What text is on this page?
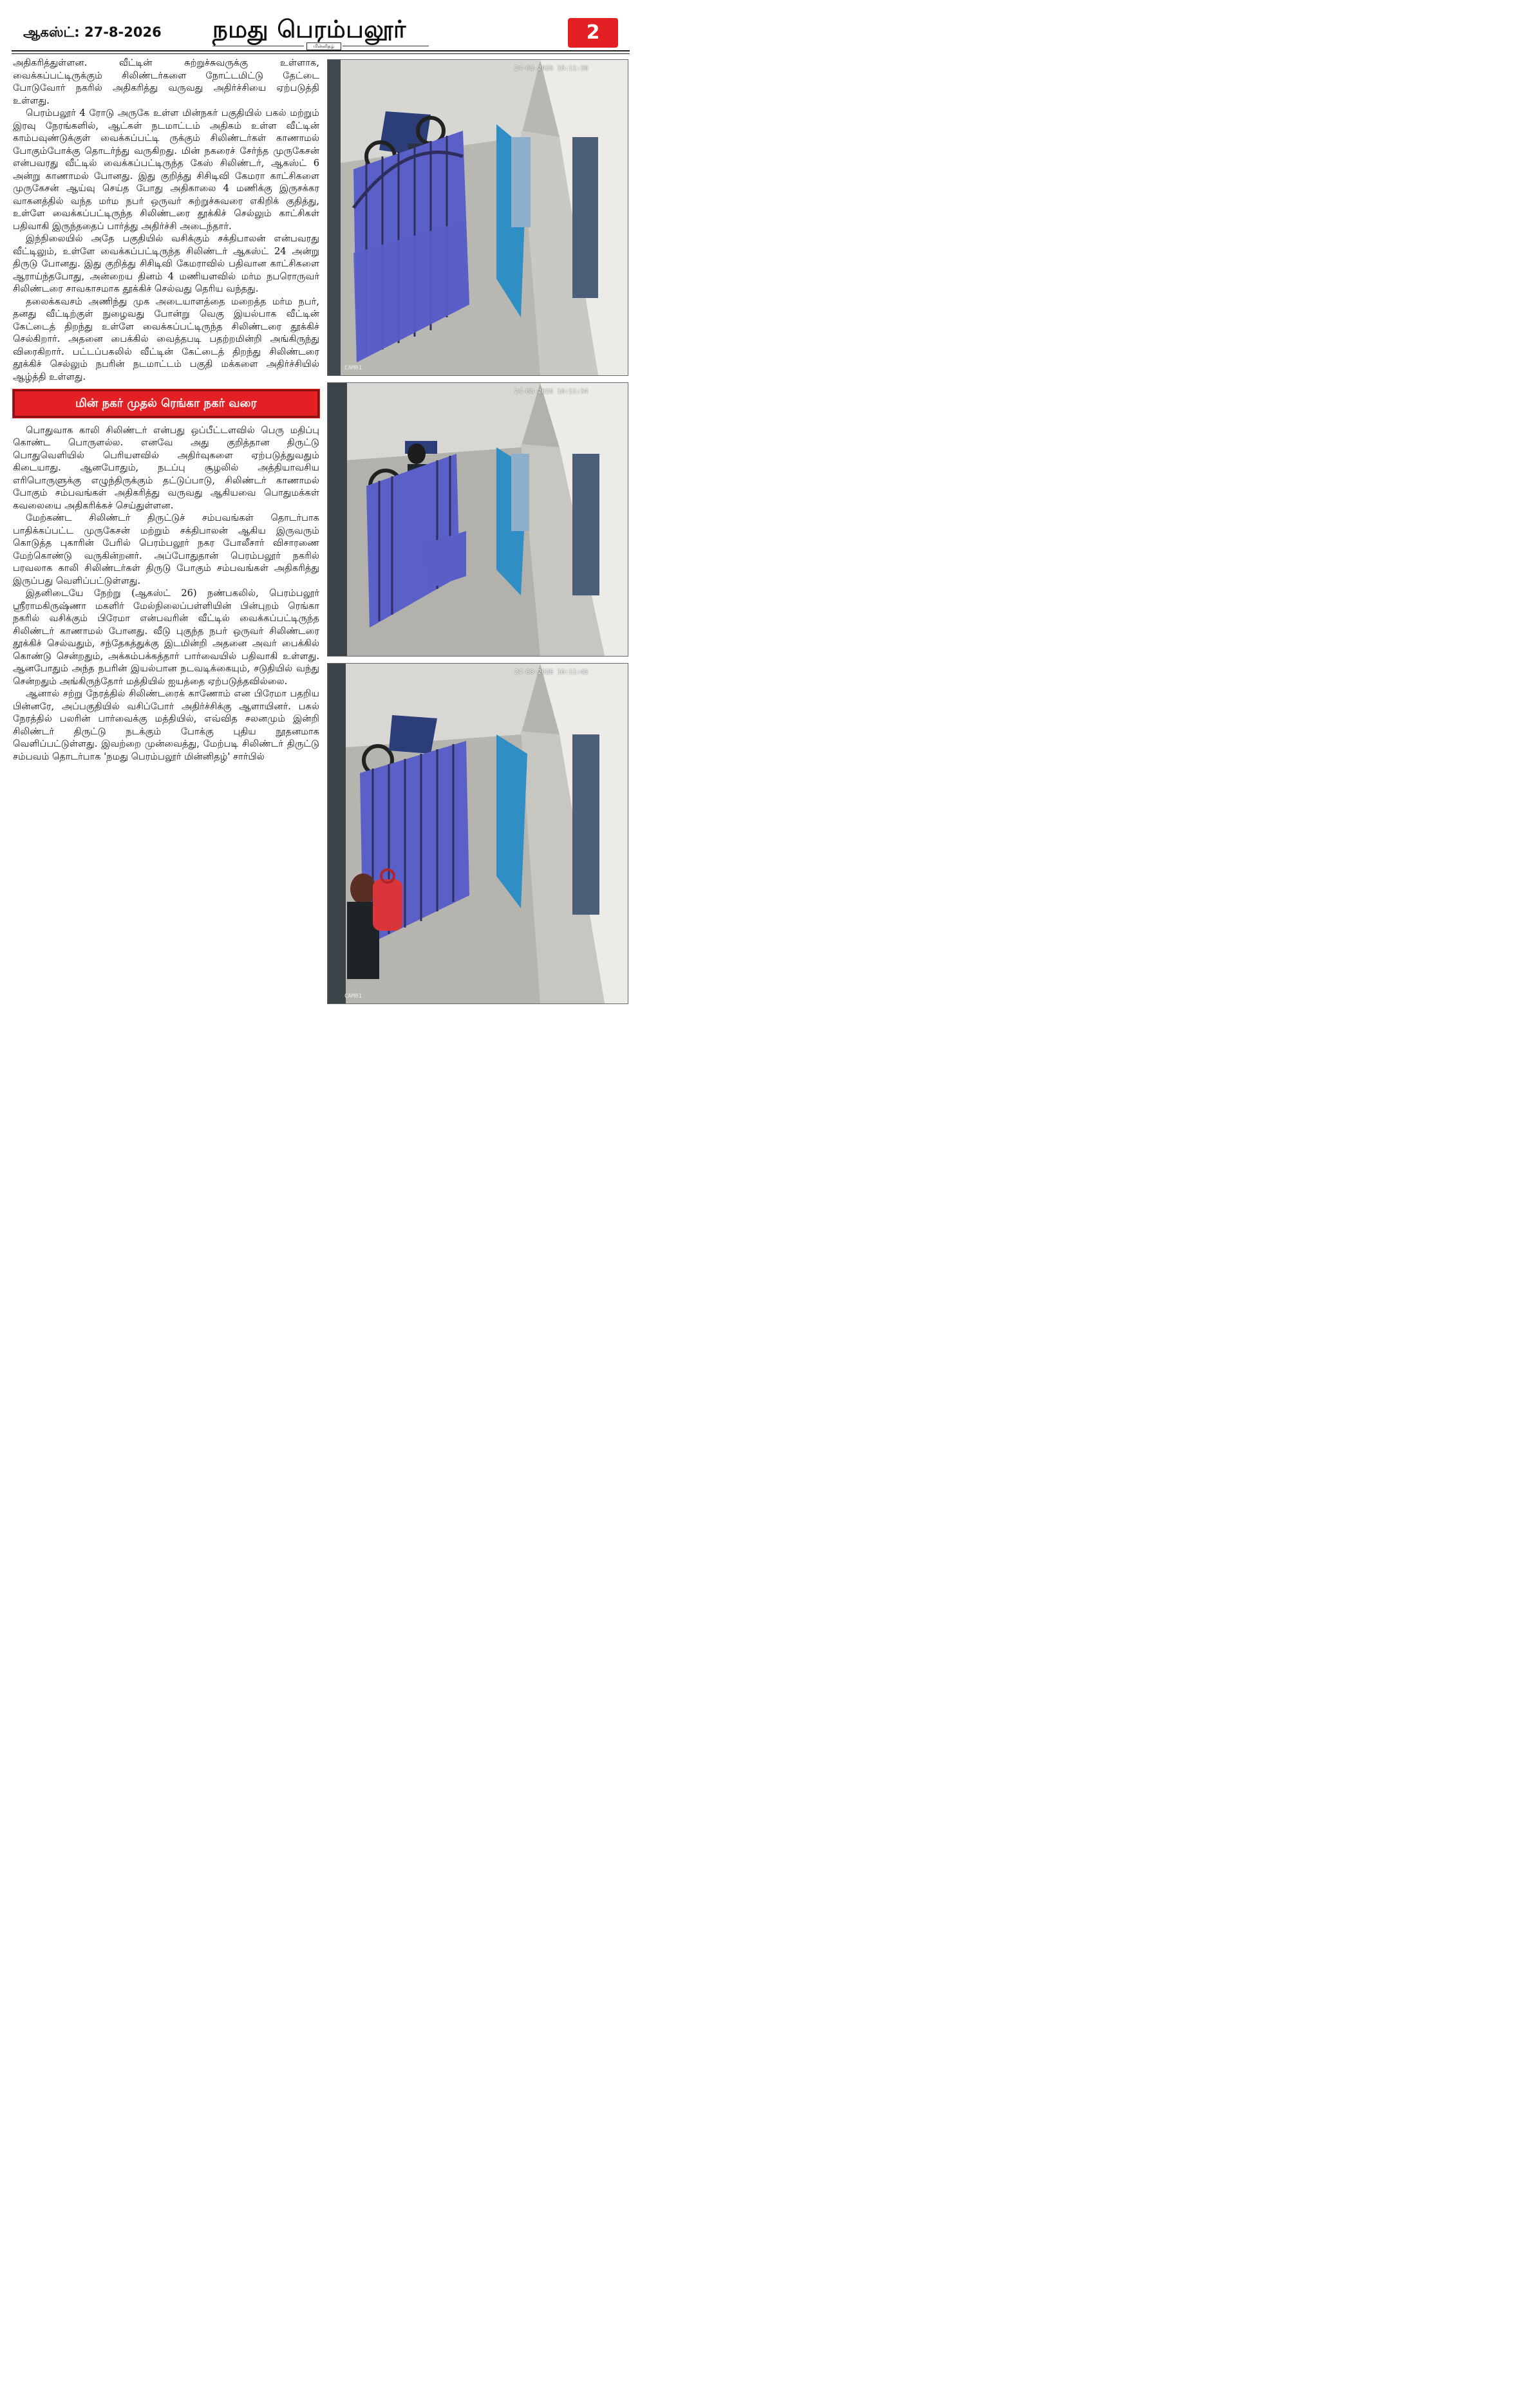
ஆகஸ்ட்: 27-8-2026 நமது பெரம்பலூர்
மின்னிதழ்
2

அதிகரித்துள்ளன. வீட்டின் சுற்றுச்சுவருக்கு உள்ளாக, வைக்கப்பட்டிருக்கும் சிலிண்டர்களை நோட்டமிட்டு தேட்டை போடுவோர் நகரில் அதிகரித்து வருவது அதிர்ச்சியை ஏற்படுத்தி உள்ளது.

பெரம்பலூர் 4 ரோடு அருகே உள்ள மின்நகர் பகுதியில் பகல் மற்றும் இரவு நேரங்களில், ஆட்கள் நடமாட்டம் அதிகம் உள்ள வீட்டின் காம்பவுண்டுக்குள் வைக்கப்பட்டி ருக்கும் சிலிண்டர்கள் காணாமல் போகும்போக்கு தொடர்ந்து வருகிறது. மின் நகரைச் சேர்ந்த முருகேசன் என்பவரது வீட்டில் வைக்கப்பட்டிருந்த கேஸ் சிலிண்டர், ஆகஸ்ட் 6 அன்று காணாமல் போனது. இது குறித்து சிசிடிவி கேமரா காட்சிகளை முருகேசன் ஆய்வு செய்த போது அதிகாலை 4 மணிக்கு இருசக்கர வாகனத்தில் வந்த மர்ம நபர் ஒருவர் சுற்றுச்சுவரை எகிறிக் குதித்து, உள்ளே வைக்கப்பட்டிருந்த சிலிண்டரை தூக்கிச் செல்லும் காட்சிகள் பதிவாகி இருந்ததைப் பார்த்து அதிர்ச்சி அடைந்தார்.

இந்நிலையில் அதே பகுதியில் வசிக்கும் சக்திபாலன் என்பவரது வீட்டிலும், உள்ளே வைக்கப்பட்டிருந்த சிலிண்டர் ஆகஸ்ட் 24 அன்று திருடு போனது. இது குறித்து சிசிடிவி கேமராவில் பதிவான காட்சிகளை ஆராய்ந்தபோது, அன்றைய தினம் 4 மணியளவில் மர்ம நபரொருவர் சிலிண்டரை சாவகாசமாக தூக்கிச் செல்வது தெரிய வந்தது.

தலைக்கவசம் அணிந்து முக அடையாளத்தை மறைத்த மர்ம நபர், தனது வீட்டிற்குள் நுழைவது போன்று வெகு இயல்பாக வீட்டின் கேட்டைத் திறந்து உள்ளே வைக்கப்பட்டிருந்த சிலிண்டரை தூக்கிச் செல்கிறார். அதனை பைக்கில் வைத்தபடி பதற்றமின்றி அங்கிருந்து விரைகிறார். பட்டப்பகலில் வீட்டின் கேட்டைத் திறந்து சிலிண்டரை தூக்கிச் செல்லும் நபரின் நடமாட்டம் பகுதி மக்களை அதிர்ச்சியில் ஆழ்த்தி உள்ளது.

மின் நகர் முதல் ரெங்கா நகர் வரை

பொதுவாக காலி சிலிண்டர் என்பது ஒப்பீட்டளவில் பெரு மதிப்பு கொண்ட பொருளல்ல. எனவே அது குறித்தான திருட்டு பொதுவெளியில் பெரியளவில் அதிர்வுகளை ஏற்படுத்துவதும் கிடையாது. ஆனபோதும், நடப்பு சூழலில் அத்தியாவசிய எரிபொருளுக்கு எழுந்திருக்கும் தட்டுப்பாடு, சிலிண்டர் காணாமல் போகும் சம்பவங்கள் அதிகரித்து வருவது ஆகியவை பொதுமக்கள் கவலையை அதிகரிக்கச் செய்துள்ளன.

மேற்கண்ட சிலிண்டர் திருட்டுச் சம்பவங்கள் தொடர்பாக பாதிக்கப்பட்ட முருகேசன் மற்றும் சக்திபாலன் ஆகிய இருவரும் கொடுத்த புகாரின் பேரில் பெரம்பலூர் நகர போலீசார் விசாரணை மேற்கொண்டு வருகின்றனர். அப்போதுதான் பெரம்பலூர் நகரில் பரவலாக காலி சிலிண்டர்கள் திருடு போகும் சம்பவங்கள் அதிகரித்து இருப்பது வெளிப்பட்டுள்ளது.

இதனிடையே நேற்று (ஆகஸ்ட் 26) நண்பகலில், பெரம்பலூர் ஸ்ரீராமகிருஷ்ணா மகளிர் மேல்நிலைப்பள்ளியின் பின்புறம் ரெங்கா நகரில் வசிக்கும் பிரேமா என்பவரின் வீட்டில் வைக்கப்பட்டிருந்த சிலிண்டர் காணாமல் போனது. வீடு புகுந்த நபர் ஒருவர் சிலிண்டரை தூக்கிச் செல்வதும், சந்தேகத்துக்கு இடமின்றி அதனை அவர் பைக்கில் கொண்டு சென்றதும், அக்கம்பக்கத்தார் பார்வையில் பதிவாகி உள்ளது. ஆனபோதும் அந்த நபரின் இயல்பான நடவடிக்கையும், சடுதியில் வந்து சென்றதும் அங்கிருந்தோர் மத்தியில் ஐயத்தை ஏற்படுத்தவில்லை.

ஆனால் சற்று நேரத்தில் சிலிண்டரைக் காணோம் என பிரேமா பதறிய பின்னரே, அப்பகுதியில் வசிப்போர் அதிர்ச்சிக்கு ஆளாயினர். பகல் நேரத்தில் பலரின் பார்வைக்கு மத்தியில், எவ்வித சலனமும் இன்றி சிலிண்டர் திருட்டு நடக்கும் போக்கு புதிய நூதனமாக வெளிப்பட்டுள்ளது. இவற்றை முன்வைத்து, மேற்படி சிலிண்டர் திருட்டு சம்பவம் தொடர்பாக 'நமது பெரம்பலூர் மின்னிதழ்' சார்பில்

24-08-2026 16:11:30
CAM01
24-08-2026 16:11:34
24-08-2026 16:11:45
CAM01
